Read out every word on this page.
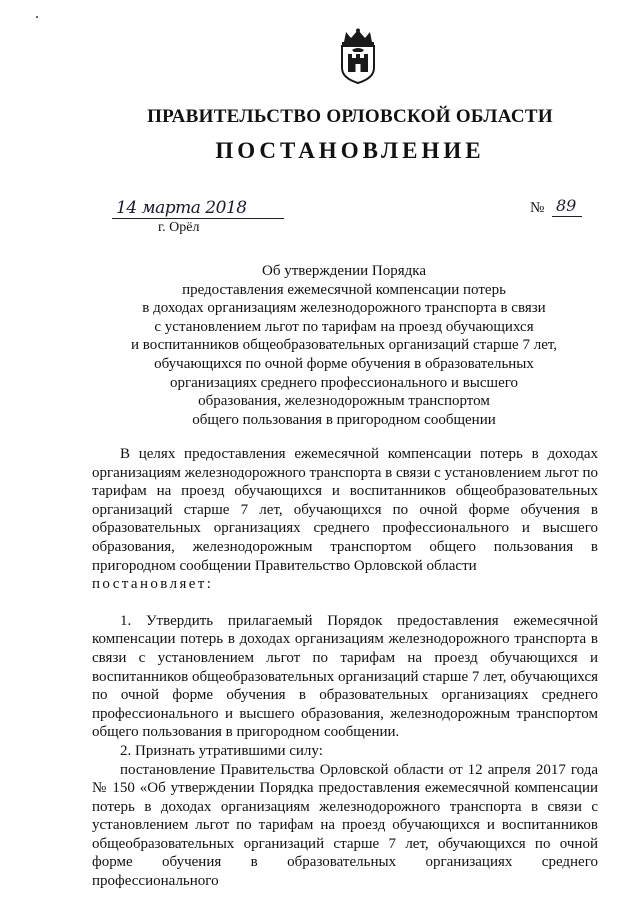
ПРАВИТЕЛЬСТВО ОРЛОВСКОЙ ОБЛАСТИ
ПОСТАНОВЛЕНИЕ
14 марта 2018
г. Орёл
№ 89
Об утверждении Порядка
предоставления ежемесячной компенсации потерь
в доходах организациям железнодорожного транспорта в связи
с установлением льгот по тарифам на проезд обучающихся
и воспитанников общеобразовательных организаций старше 7 лет,
обучающихся по очной форме обучения в образовательных
организациях среднего профессионального и высшего
образования, железнодорожным транспортом
общего пользования в пригородном сообщении

В целях предоставления ежемесячной компенсации потерь в доходах организациям железнодорожного транспорта в связи с установлением льгот по тарифам на проезд обучающихся и воспитанников общеобразовательных организаций старше 7 лет, обучающихся по очной форме обучения в образовательных организациях среднего профессионального и высшего образования, железнодорожным транспортом общего пользования в пригородном сообщении Правительство Орловской области

постановляет:

1. Утвердить прилагаемый Порядок предоставления ежемесячной компенсации потерь в доходах организациям железнодорожного транспорта в связи с установлением льгот по тарифам на проезд обучающихся и воспитанников общеобразовательных организаций старше 7 лет, обучающихся по очной форме обучения в образовательных организациях среднего профессионального и высшего образования, железнодорожным транспортом общего пользования в пригородном сообщении.

2. Признать утратившими силу:

постановление Правительства Орловской области от 12 апреля 2017 года № 150 «Об утверждении Порядка предоставления ежемесячной компенсации потерь в доходах организациям железнодорожного транспорта в связи с установлением льгот по тарифам на проезд обучающихся и воспитанников общеобразовательных организаций старше 7 лет, обучающихся по очной форме обучения в образовательных организациях среднего профессионального
